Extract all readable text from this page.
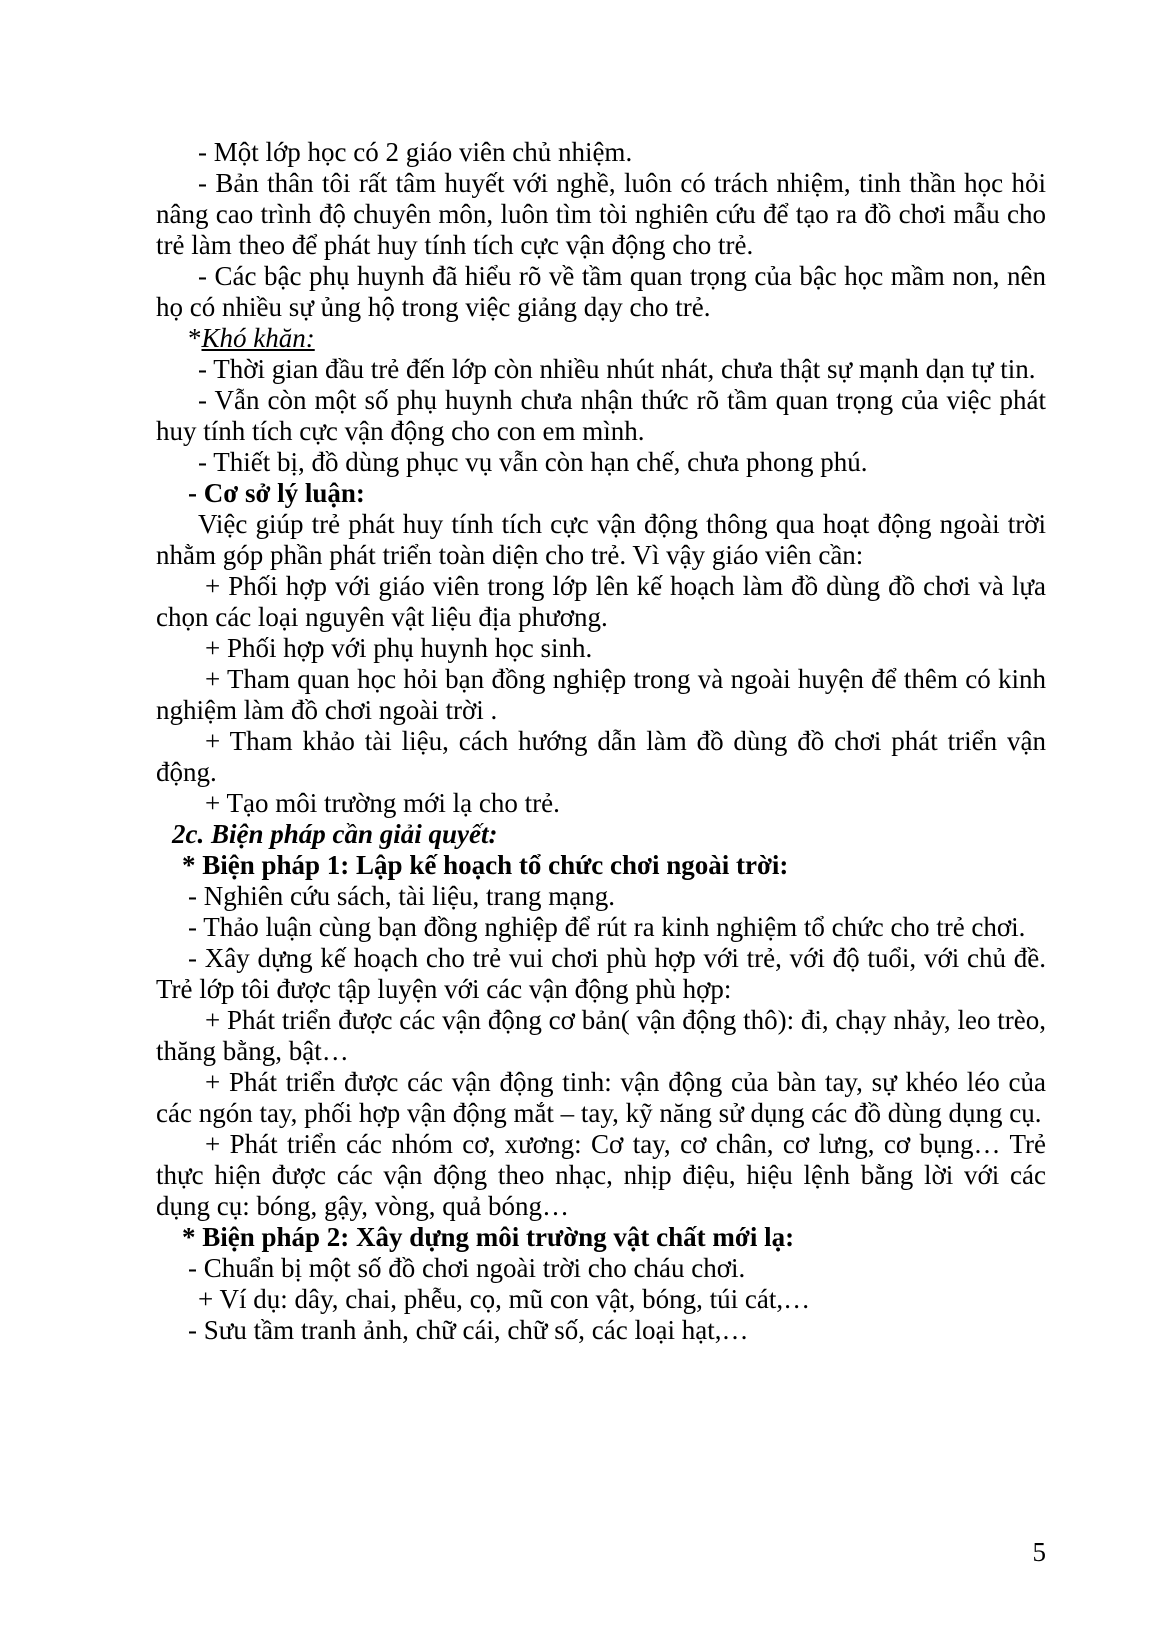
- Một lớp học có 2 giáo viên chủ nhiệm.

- Bản thân tôi rất tâm huyết với nghề, luôn có trách nhiệm, tinh thần học hỏi nâng cao trình độ chuyên môn, luôn tìm tòi nghiên cứu để tạo ra đồ chơi mẫu cho trẻ làm theo để phát huy tính tích cực vận động cho trẻ.

- Các bậc phụ huynh đã hiểu rõ về tầm quan trọng của bậc học mầm non, nên họ có nhiều sự ủng hộ trong việc giảng dạy cho trẻ.

*Khó khăn:

- Thời gian đầu trẻ đến lớp còn nhiều nhút nhát, chưa thật sự mạnh dạn tự tin.

- Vẫn còn một số phụ huynh chưa nhận thức rõ tầm quan trọng của việc phát huy tính tích cực vận động cho con em mình.

- Thiết bị, đồ dùng phục vụ vẫn còn hạn chế, chưa phong phú.

- Cơ sở lý luận:

Việc giúp trẻ phát huy tính tích cực vận động thông qua hoạt động ngoài trời nhằm góp phần phát triển toàn diện cho trẻ. Vì vậy giáo viên cần:

+ Phối hợp với giáo viên trong lớp lên kế hoạch làm đồ dùng đồ chơi và lựa chọn các loại nguyên vật liệu địa phương.

+ Phối hợp với phụ huynh học sinh.

+ Tham quan học hỏi bạn đồng nghiệp trong và ngoài huyện để thêm có kinh nghiệm làm đồ chơi ngoài trời .

+ Tham khảo tài liệu, cách hướng dẫn làm đồ dùng đồ chơi phát triển vận động.

+ Tạo môi trường mới lạ cho trẻ.

2c. Biện pháp cần giải quyết:

* Biện pháp 1: Lập kế hoạch tổ chức chơi ngoài trời:

- Nghiên cứu sách, tài liệu, trang mạng.

- Thảo luận cùng bạn đồng nghiệp để rút ra kinh nghiệm tổ chức cho trẻ chơi.

- Xây dựng kế hoạch cho trẻ vui chơi phù hợp với trẻ, với độ tuổi, với chủ đề. Trẻ lớp tôi được tập luyện với các vận động phù hợp:

+ Phát triển được các vận động cơ bản( vận động thô): đi, chạy nhảy, leo trèo, thăng bằng, bật…

+ Phát triển được các vận động tinh: vận động của bàn tay, sự khéo léo của các ngón tay, phối hợp vận động mắt – tay, kỹ năng sử dụng các đồ dùng dụng cụ.

+ Phát triển các nhóm cơ, xương: Cơ tay, cơ chân, cơ lưng, cơ bụng… Trẻ thực hiện được các vận động theo nhạc, nhịp điệu, hiệu lệnh bằng lời với các dụng cụ: bóng, gậy, vòng, quả bóng…

* Biện pháp 2: Xây dựng môi trường vật chất mới lạ:

- Chuẩn bị một số đồ chơi ngoài trời cho cháu chơi.

+ Ví dụ: dây, chai, phễu, cọ, mũ con vật, bóng, túi cát,…

- Sưu tầm tranh ảnh, chữ cái, chữ số, các loại hạt,…

5
